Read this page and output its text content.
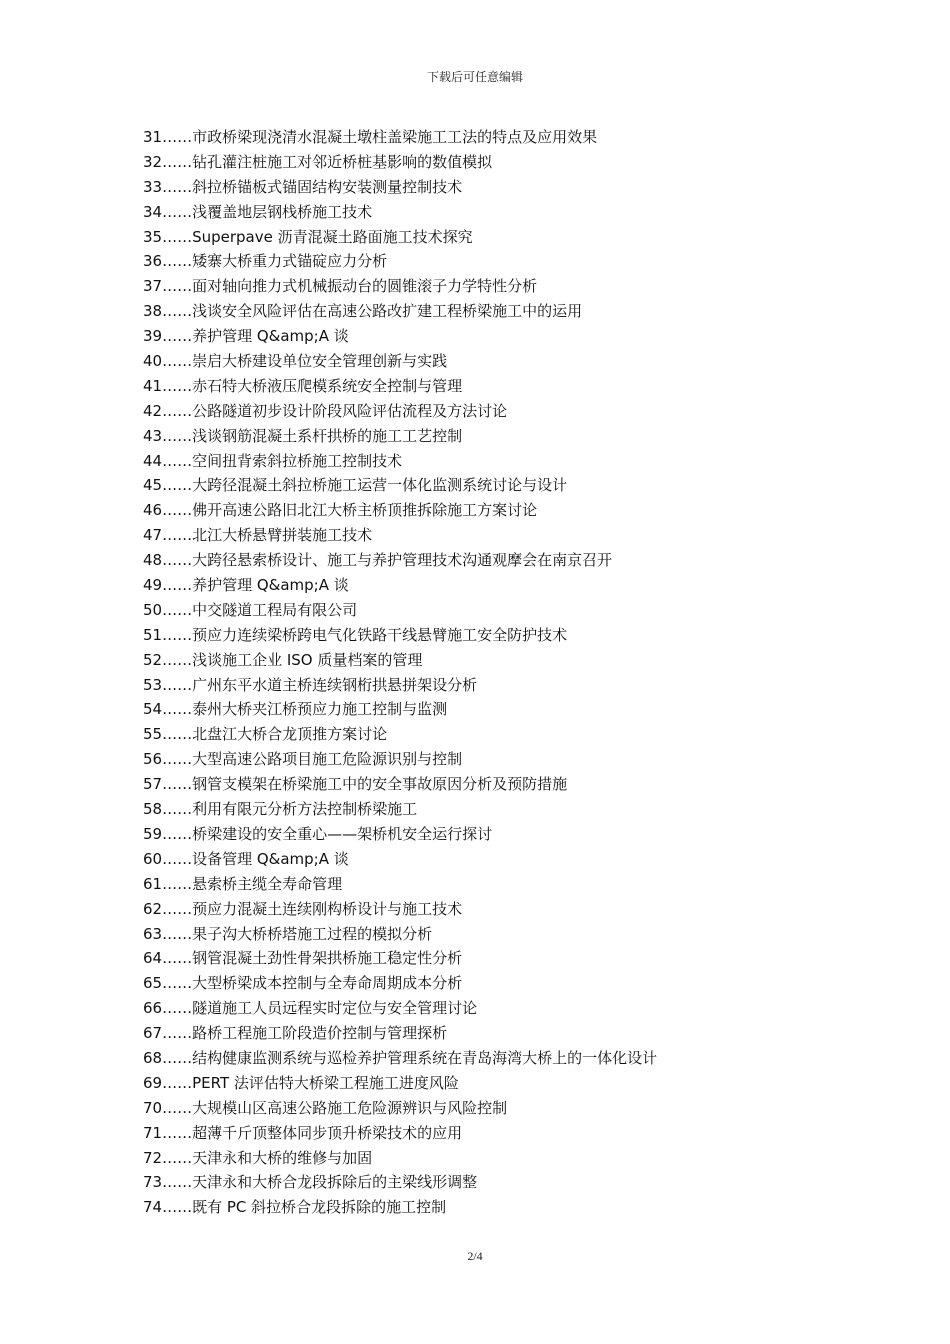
下载后可任意编辑
31……市政桥梁现浇清水混凝土墩柱盖梁施工工法的特点及应用效果
32……钻孔灌注桩施工对邻近桥桩基影响的数值模拟
33……斜拉桥锚板式锚固结构安装测量控制技术
34……浅覆盖地层钢栈桥施工技术
35……Superpave 沥青混凝土路面施工技术探究
36……矮寨大桥重力式锚碇应力分析
37……面对轴向推力式机械振动台的圆锥滚子力学特性分析
38……浅谈安全风险评估在高速公路改扩建工程桥梁施工中的运用
39……养护管理 Q&amp;A 谈
40……崇启大桥建设单位安全管理创新与实践
41……赤石特大桥液压爬模系统安全控制与管理
42……公路隧道初步设计阶段风险评估流程及方法讨论
43……浅谈钢筋混凝土系杆拱桥的施工工艺控制
44……空间扭背索斜拉桥施工控制技术
45……大跨径混凝土斜拉桥施工运营一体化监测系统讨论与设计
46……佛开高速公路旧北江大桥主桥顶推拆除施工方案讨论
47……北江大桥悬臂拼装施工技术
48……大跨径悬索桥设计、施工与养护管理技术沟通观摩会在南京召开
49……养护管理 Q&amp;A 谈
50……中交隧道工程局有限公司
51……预应力连续梁桥跨电气化铁路干线悬臂施工安全防护技术
52……浅谈施工企业 ISO 质量档案的管理
53……广州东平水道主桥连续钢桁拱悬拼架设分析
54……泰州大桥夹江桥预应力施工控制与监测
55……北盘江大桥合龙顶推方案讨论
56……大型高速公路项目施工危险源识别与控制
57……钢管支模架在桥梁施工中的安全事故原因分析及预防措施
58……利用有限元分析方法控制桥梁施工
59……桥梁建设的安全重心——架桥机安全运行探讨
60……设备管理 Q&amp;A 谈
61……悬索桥主缆全寿命管理
62……预应力混凝土连续刚构桥设计与施工技术
63……果子沟大桥桥塔施工过程的模拟分析
64……钢管混凝土劲性骨架拱桥施工稳定性分析
65……大型桥梁成本控制与全寿命周期成本分析
66……隧道施工人员远程实时定位与安全管理讨论
67……路桥工程施工阶段造价控制与管理探析
68……结构健康监测系统与巡检养护管理系统在青岛海湾大桥上的一体化设计
69……PERT 法评估特大桥梁工程施工进度风险
70……大规模山区高速公路施工危险源辨识与风险控制
71……超薄千斤顶整体同步顶升桥梁技术的应用
72……天津永和大桥的维修与加固
73……天津永和大桥合龙段拆除后的主梁线形调整
74……既有 PC 斜拉桥合龙段拆除的施工控制
2/4
